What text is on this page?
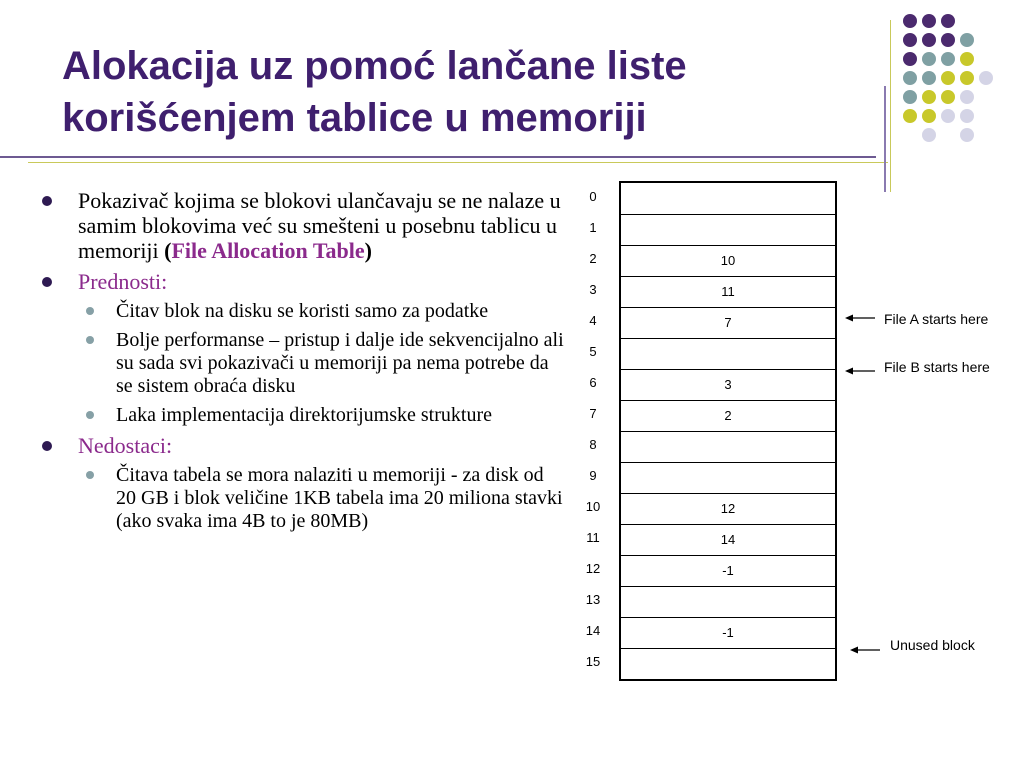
Alokacija uz pomoć lančane liste
korišćenjem tablice u memoriji
Pokazivač kojima se blokovi ulančavaju se ne nalaze u samim blokovima već su smešteni u posebnu tablicu u memoriji (File Allocation Table)
Prednosti:
Čitav blok na disku se koristi samo za podatke
Bolje performanse – pristup i dalje ide sekvencijalno ali su sada svi pokazivači u memoriji pa nema potrebe da se sistem obraća disku
Laka implementacija direktorijumske strukture
Nedostaci:
Čitava tabela se mora nalaziti u memoriji - za disk od 20 GB i blok veličine 1KB tabela ima 20 miliona stavki (ako svaka ima 4B to je 80MB)
0
1
2
3
4
5
6
7
8
9
10
11
12
13
14
15
10
11
7
3
2
12
14
-1
-1
File A starts here
File B starts here
Unused block
